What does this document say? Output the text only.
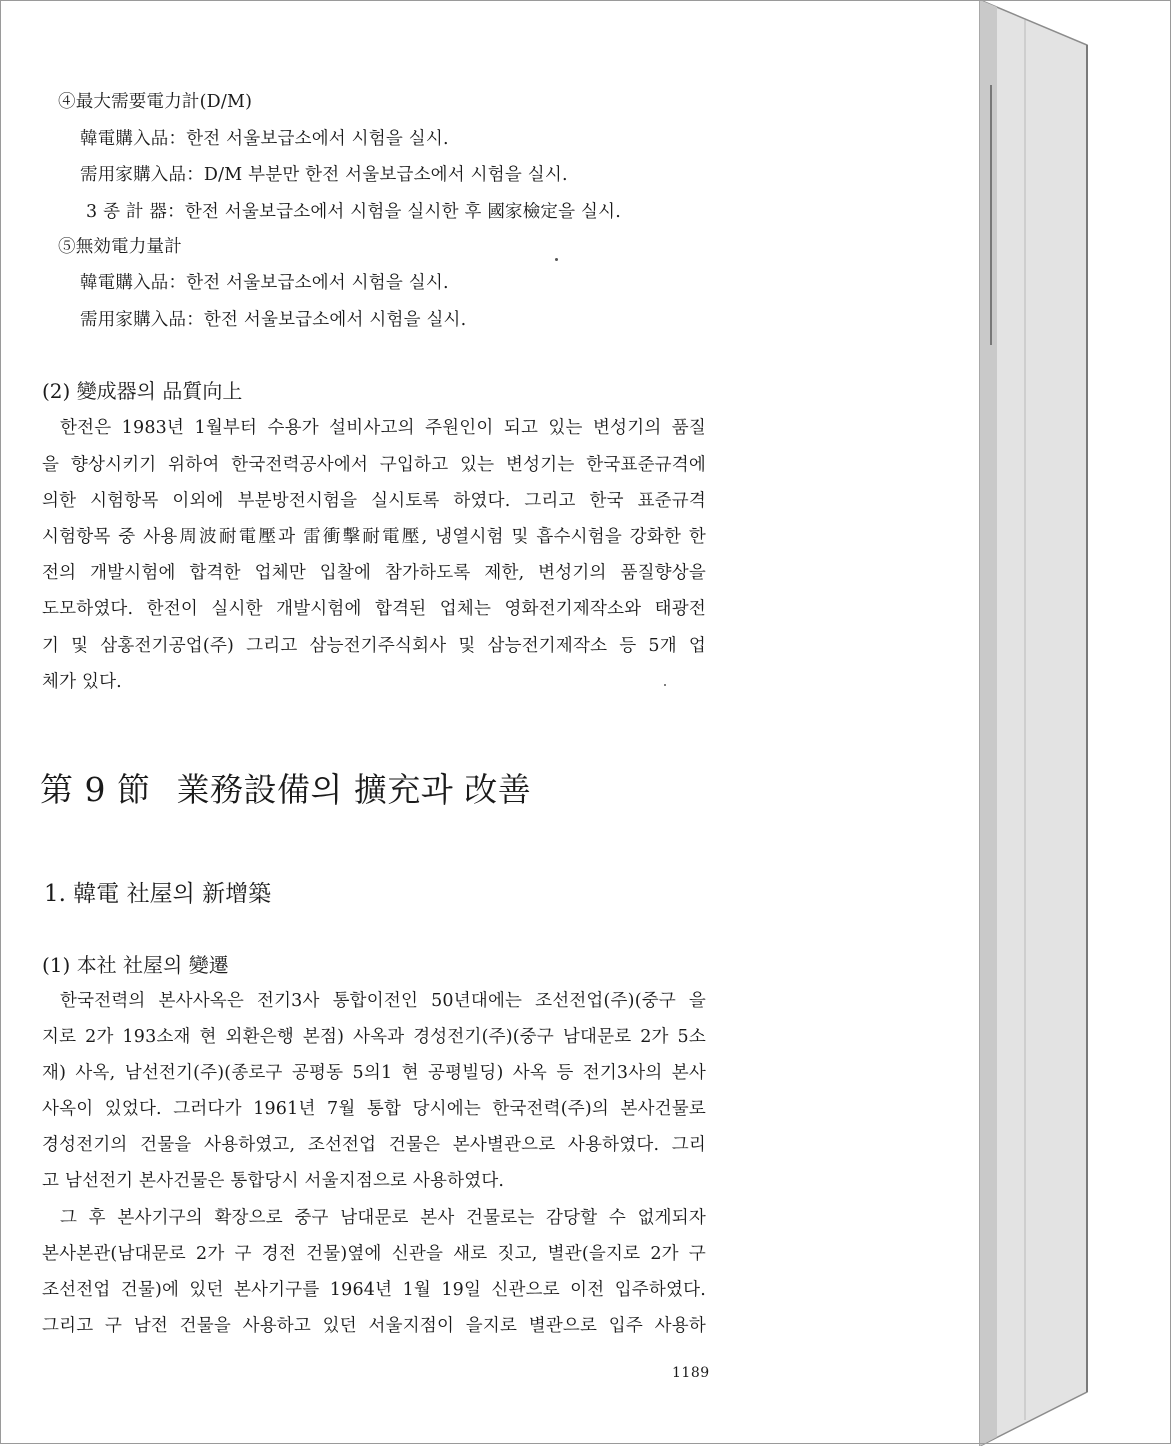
④最大需要電力計(D/M)
韓電購入品：한전 서울보급소에서 시험을 실시.
需用家購入品：D/M 부분만 한전 서울보급소에서 시험을 실시.
3 종 計 器：한전 서울보급소에서 시험을 실시한 후 國家檢定을 실시.
⑤無効電力量計
韓電購入品：한전 서울보급소에서 시험을 실시.
需用家購入品：한전 서울보급소에서 시험을 실시.
(2) 變成器의 品質向上
한전은 1983년 1월부터 수용가 설비사고의 주원인이 되고 있는 변성기의 품질
을 향상시키기 위하여 한국전력공사에서 구입하고 있는 변성기는 한국표준규격에
의한 시험항목 이외에 부분방전시험을 실시토록 하였다. 그리고 한국 표준규격
시험항목 중 사용周波耐電壓과 雷衝擊耐電壓, 냉열시험 및 흡수시험을 강화한 한
전의 개발시험에 합격한 업체만 입찰에 참가하도록 제한, 변성기의 품질향상을
도모하였다. 한전이 실시한 개발시험에 합격된 업체는 영화전기제작소와 태광전
기 및 삼홍전기공업(주) 그리고 삼능전기주식회사 및 삼능전기제작소 등 5개 업
체가 있다.
第 9 節 業務設備의 擴充과 改善
1. 韓電 社屋의 新增築
(1) 本社 社屋의 變遷
한국전력의 본사사옥은 전기3사 통합이전인 50년대에는 조선전업(주)(중구 을
지로 2가 193소재 현 외환은행 본점) 사옥과 경성전기(주)(중구 남대문로 2가 5소
재) 사옥, 남선전기(주)(종로구 공평동 5의1 현 공평빌딩) 사옥 등 전기3사의 본사
사옥이 있었다. 그러다가 1961년 7월 통합 당시에는 한국전력(주)의 본사건물로
경성전기의 건물을 사용하였고, 조선전업 건물은 본사별관으로 사용하였다. 그리
고 남선전기 본사건물은 통합당시 서울지점으로 사용하였다.
그 후 본사기구의 확장으로 중구 남대문로 본사 건물로는 감당할 수 없게되자
본사본관(남대문로 2가 구 경전 건물)옆에 신관을 새로 짓고, 별관(을지로 2가 구
조선전업 건물)에 있던 본사기구를 1964년 1월 19일 신관으로 이전 입주하였다.
그리고 구 남전 건물을 사용하고 있던 서울지점이 을지로 별관으로 입주 사용하
1189
